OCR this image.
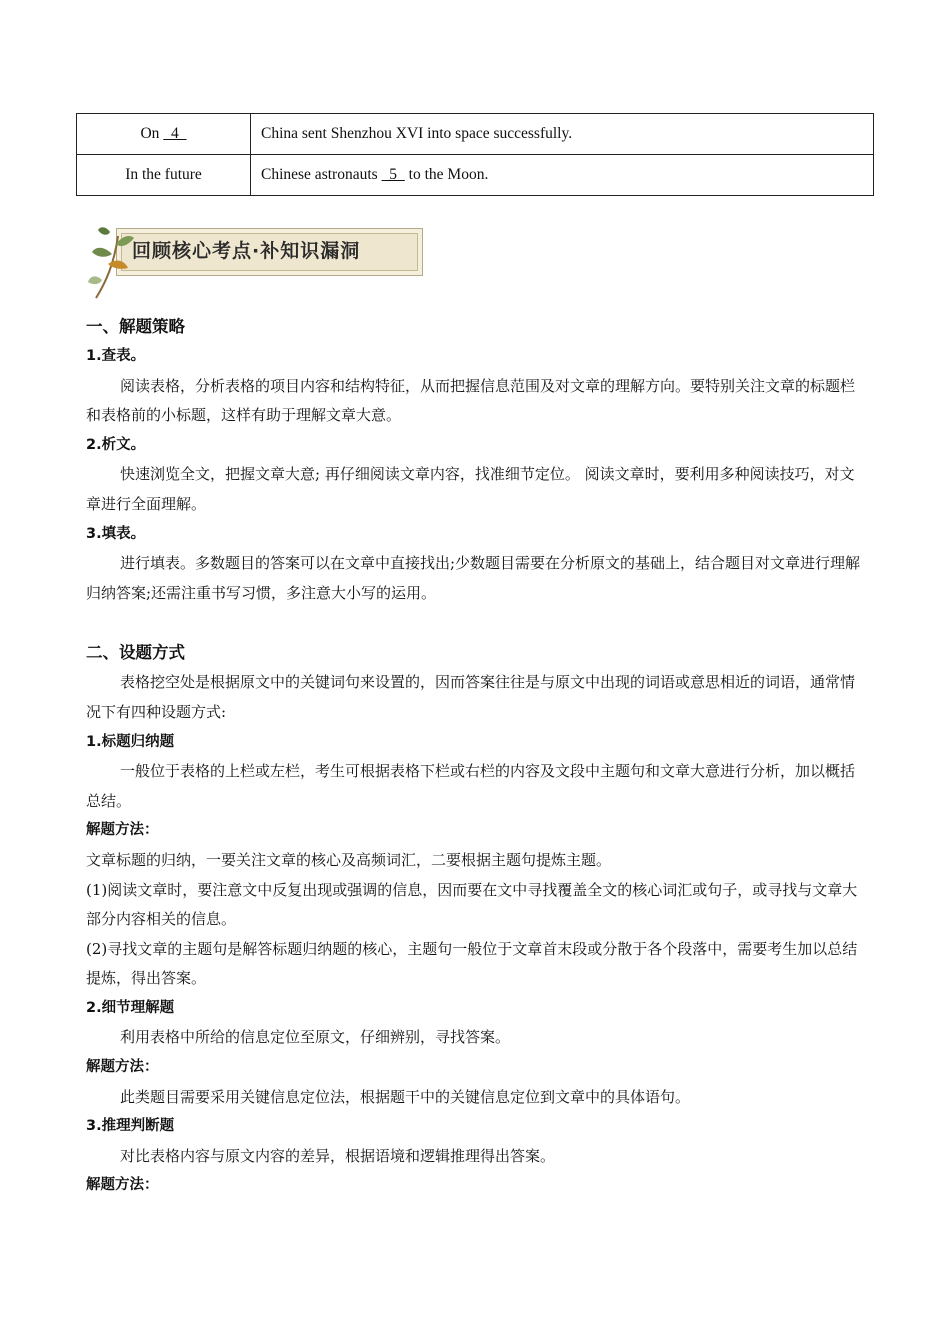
On   4	China sent Shenzhou XVI into space successfully.
In the future	Chinese astronauts   5   to the Moon.
回顾核心考点·补知识漏洞

一、解题策略

1.查表。

阅读表格，分析表格的项目内容和结构特征，从而把握信息范围及对文章的理解方向。要特别关注文章的标题栏和表格前的小标题，这样有助于理解文章大意。

2.析文。

快速浏览全文，把握文章大意; 再仔细阅读文章内容，找准细节定位。 阅读文章时，要利用多种阅读技巧，对文章进行全面理解。

3.填表。

进行填表。多数题目的答案可以在文章中直接找出;少数题目需要在分析原文的基础上，结合题目对文章进行理解归纳答案;还需注重书写习惯，多注意大小写的运用。

二、设题方式

表格挖空处是根据原文中的关键词句来设置的，因而答案往往是与原文中出现的词语或意思相近的词语，通常情况下有四种设题方式:

1.标题归纳题

一般位于表格的上栏或左栏，考生可根据表格下栏或右栏的内容及文段中主题句和文章大意进行分析，加以概括总结。

解题方法：

文章标题的归纳，一要关注文章的核心及高频词汇，二要根据主题句提炼主题。

(1)阅读文章时，要注意文中反复出现或强调的信息，因而要在文中寻找覆盖全文的核心词汇或句子，或寻找与文章大部分内容相关的信息。

(2)寻找文章的主题句是解答标题归纳题的核心，主题句一般位于文章首末段或分散于各个段落中，需要考生加以总结提炼，得出答案。

2.细节理解题

利用表格中所给的信息定位至原文，仔细辨别，寻找答案。

解题方法：

此类题目需要采用关键信息定位法，根据题干中的关键信息定位到文章中的具体语句。

3.推理判断题

对比表格内容与原文内容的差异，根据语境和逻辑推理得出答案。

解题方法：
